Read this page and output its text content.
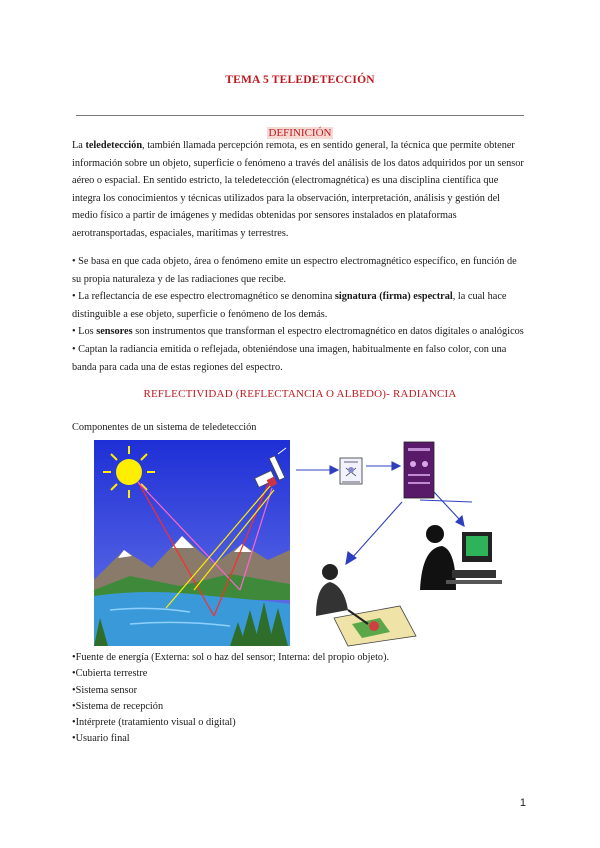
TEMA 5 TELEDETECCIÓN
DEFINICIÓN
La teledetección, también llamada percepción remota, es en sentido general, la técnica que permite obtener información sobre un objeto, superficie o fenómeno a través del análisis de los datos adquiridos por un sensor aéreo o espacial. En sentido estricto, la teledetección (electromagnética) es una disciplina científica que integra los conocimientos y técnicas utilizados para la observación, interpretación, análisis y gestión del medio físico a partir de imágenes y medidas obtenidas por sensores instalados en plataformas aerotransportadas, espaciales, marítimas y terrestres.
• Se basa en que cada objeto, área o fenómeno emite un espectro electromagnético específico, en función de su propia naturaleza y de las radiaciones que recibe.
• La reflectancia de ese espectro electromagnético se denomina signatura (firma) espectral, la cual hace distinguible a ese objeto, superficie o fenómeno de los demás.
• Los sensores son instrumentos que transforman el espectro electromagnético en datos digitales o analógicos
• Captan la radiancia emitida o reflejada, obteniéndose una imagen, habitualmente en falso color, con una banda para cada una de estas regiones del espectro.
REFLECTIVIDAD (REFLECTANCIA O ALBEDO)- RADIANCIA
Componentes de un sistema de teledetección
•Fuente de energía (Externa: sol o haz del sensor; Interna: del propio objeto).
•Cubierta terrestre
•Sistema sensor
•Sistema de recepción
•Intérprete (tratamiento visual o digital)
•Usuario final
1
